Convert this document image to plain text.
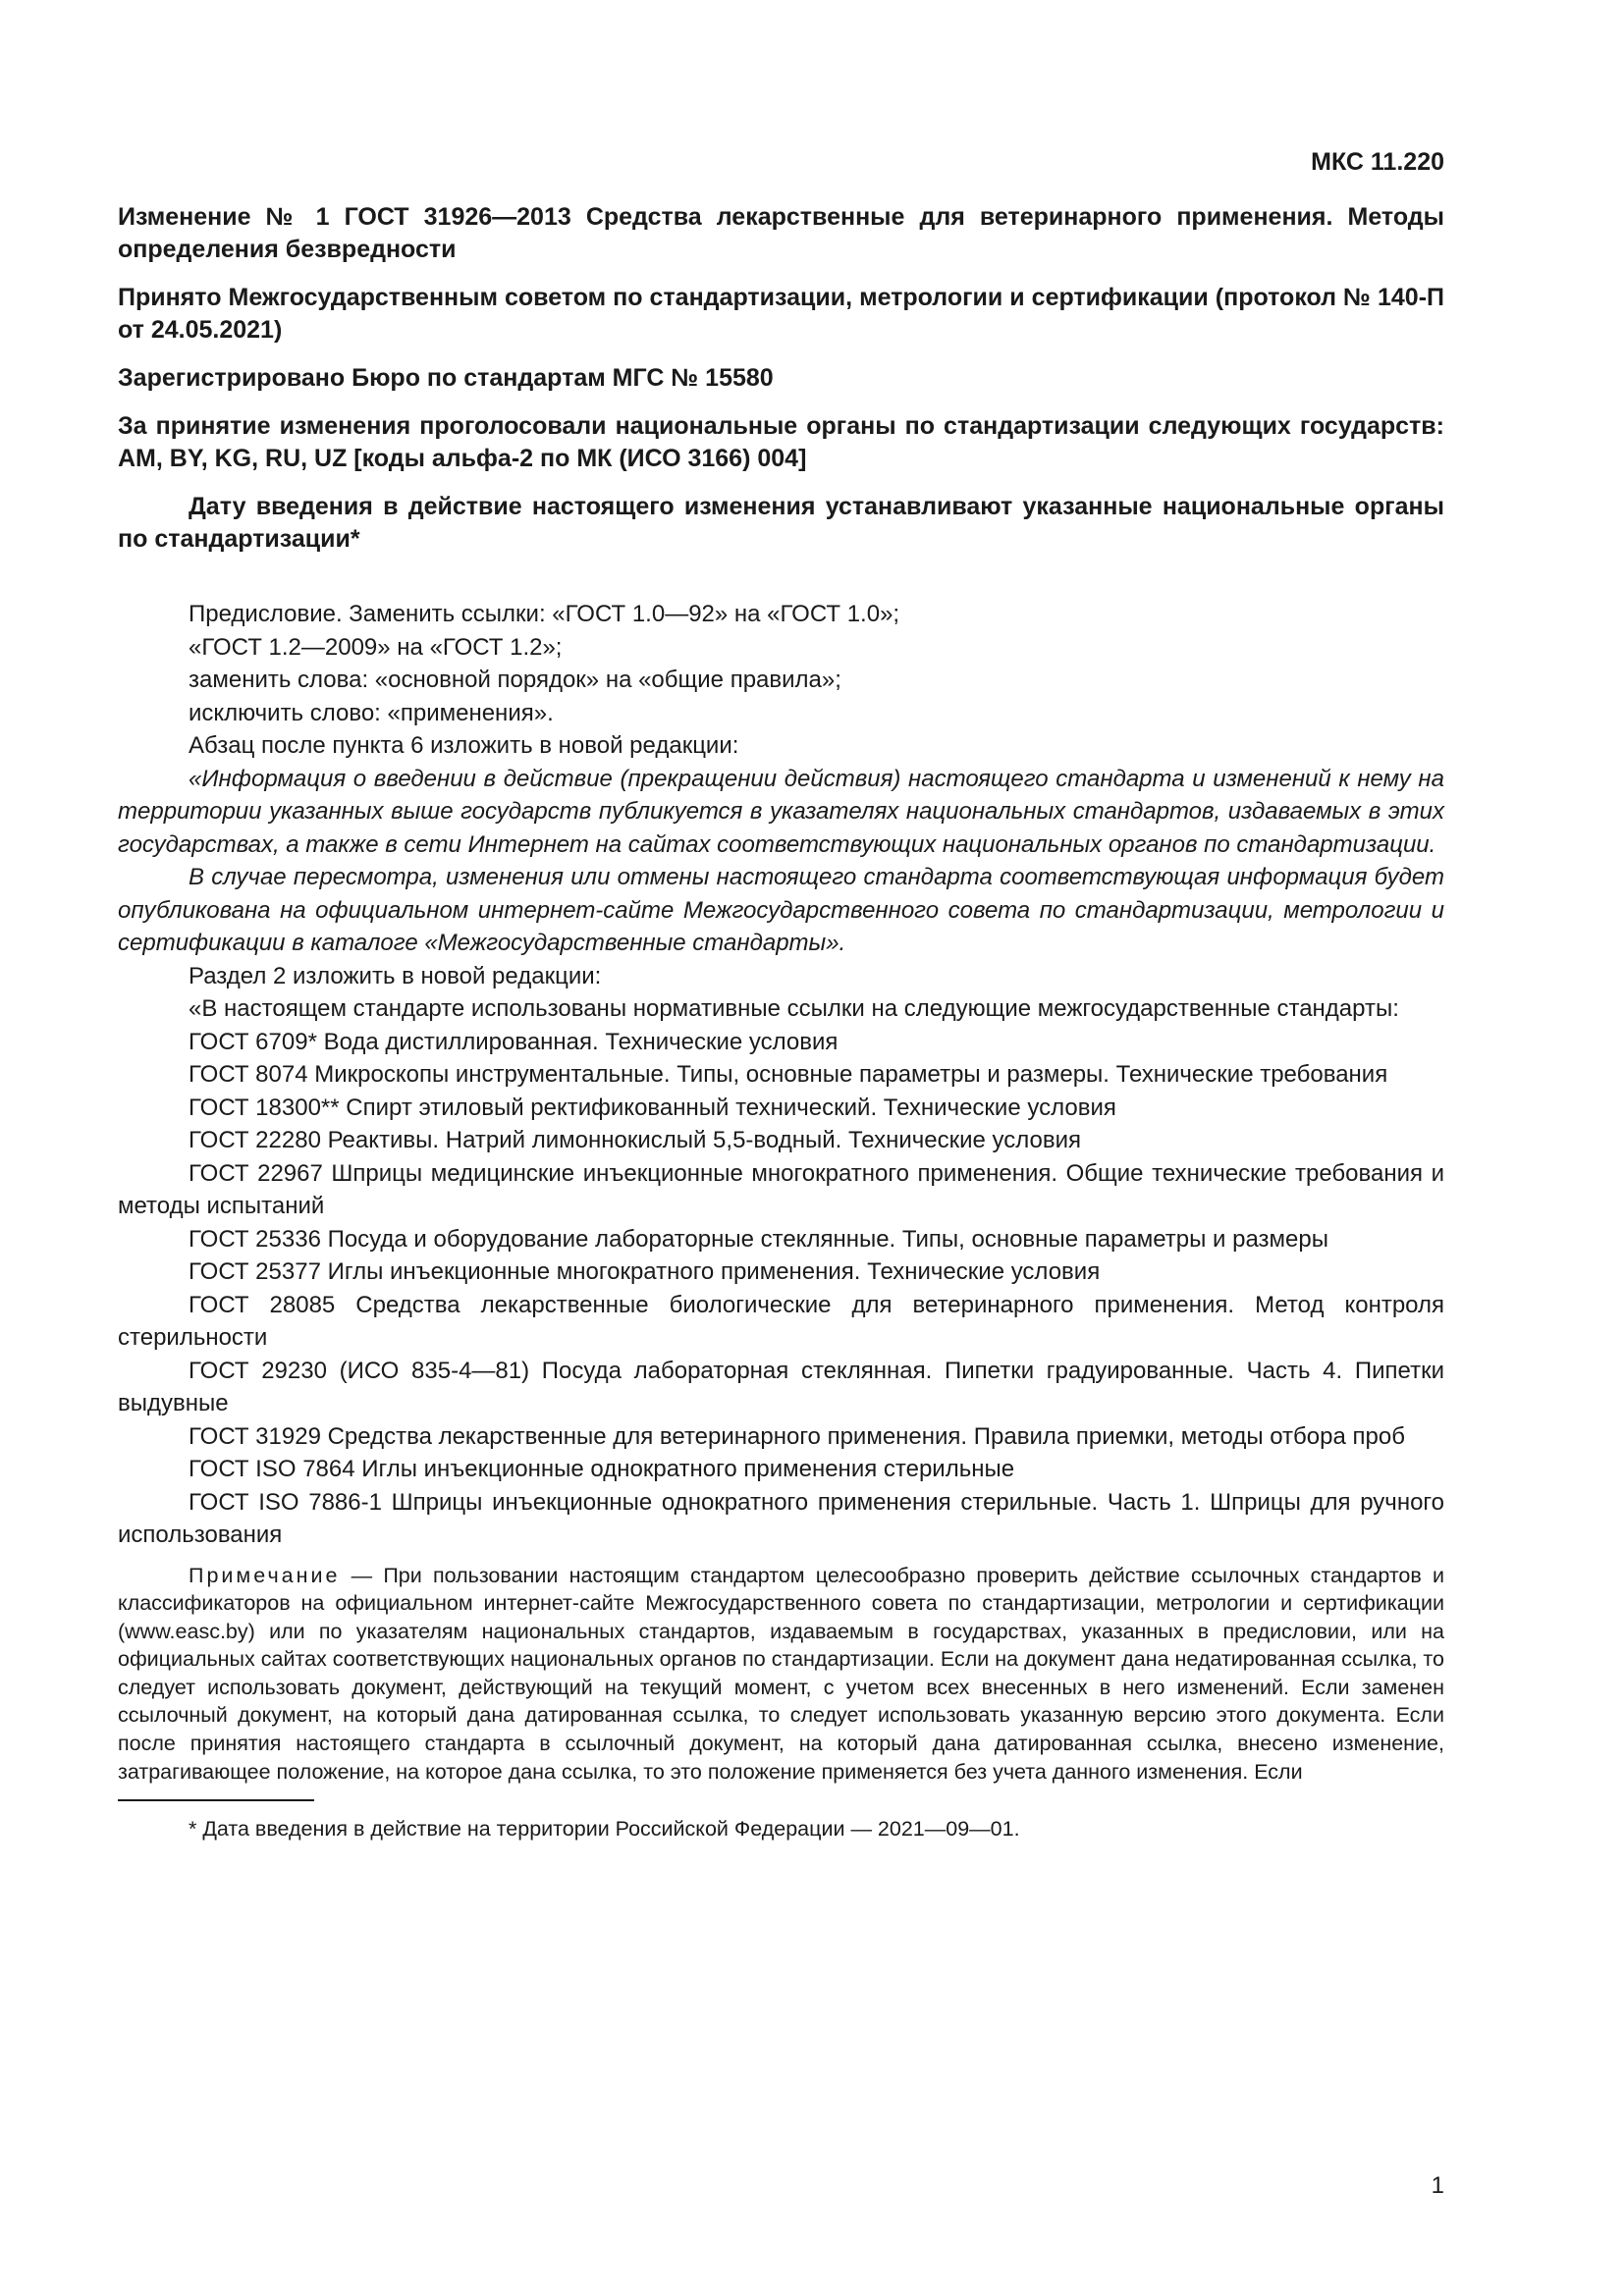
МКС 11.220
Изменение № 1 ГОСТ 31926—2013 Средства лекарственные для ветеринарного применения. Методы определения безвредности
Принято Межгосударственным советом по стандартизации, метрологии и сертификации (протокол № 140-П от 24.05.2021)
Зарегистрировано Бюро по стандартам МГС № 15580
За принятие изменения проголосовали национальные органы по стандартизации следующих государств: AM, BY, KG, RU, UZ [коды альфа-2 по МК (ИСО 3166) 004]
Дату введения в действие настоящего изменения устанавливают указанные национальные органы по стандартизации*

Предисловие. Заменить ссылки: «ГОСТ 1.0—92» на «ГОСТ 1.0»;

«ГОСТ 1.2—2009» на «ГОСТ 1.2»;

заменить слова: «основной порядок» на «общие правила»;

исключить слово: «применения».

Абзац после пункта 6 изложить в новой редакции:

«Информация о введении в действие (прекращении действия) настоящего стандарта и изменений к нему на территории указанных выше государств публикуется в указателях национальных стандартов, издаваемых в этих государствах, а также в сети Интернет на сайтах соответствующих национальных органов по стандартизации.

В случае пересмотра, изменения или отмены настоящего стандарта соответствующая информация будет опубликована на официальном интернет-сайте Межгосударственного совета по стандартизации, метрологии и сертификации в каталоге «Межгосударственные стандарты».

Раздел 2 изложить в новой редакции:

«В настоящем стандарте использованы нормативные ссылки на следующие межгосударственные стандарты:

ГОСТ 6709* Вода дистиллированная. Технические условия

ГОСТ 8074 Микроскопы инструментальные. Типы, основные параметры и размеры. Технические требования

ГОСТ 18300** Спирт этиловый ректификованный технический. Технические условия

ГОСТ 22280 Реактивы. Натрий лимоннокислый 5,5-водный. Технические условия

ГОСТ 22967 Шприцы медицинские инъекционные многократного применения. Общие технические требования и методы испытаний

ГОСТ 25336 Посуда и оборудование лабораторные стеклянные. Типы, основные параметры и размеры

ГОСТ 25377 Иглы инъекционные многократного применения. Технические условия

ГОСТ 28085 Средства лекарственные биологические для ветеринарного применения. Метод контроля стерильности

ГОСТ 29230 (ИСО 835-4—81) Посуда лабораторная стеклянная. Пипетки градуированные. Часть 4. Пипетки выдувные

ГОСТ 31929 Средства лекарственные для ветеринарного применения. Правила приемки, методы отбора проб

ГОСТ ISO 7864 Иглы инъекционные однократного применения стерильные

ГОСТ ISO 7886-1 Шприцы инъекционные однократного применения стерильные. Часть 1. Шприцы для ручного использования

Примечание — При пользовании настоящим стандартом целесообразно проверить действие ссылочных стандартов и классификаторов на официальном интернет-сайте Межгосударственного совета по стандартизации, метрологии и сертификации (www.easc.by) или по указателям национальных стандартов, издаваемым в государствах, указанных в предисловии, или на официальных сайтах соответствующих национальных органов по стандартизации. Если на документ дана недатированная ссылка, то следует использовать документ, действующий на текущий момент, с учетом всех внесенных в него изменений. Если заменен ссылочный документ, на который дана датированная ссылка, то следует использовать указанную версию этого документа. Если после принятия настоящего стандарта в ссылочный документ, на который дана датированная ссылка, внесено изменение, затрагивающее положение, на которое дана ссылка, то это положение применяется без учета данного изменения. Если
* Дата введения в действие на территории Российской Федерации — 2021—09—01.
1
